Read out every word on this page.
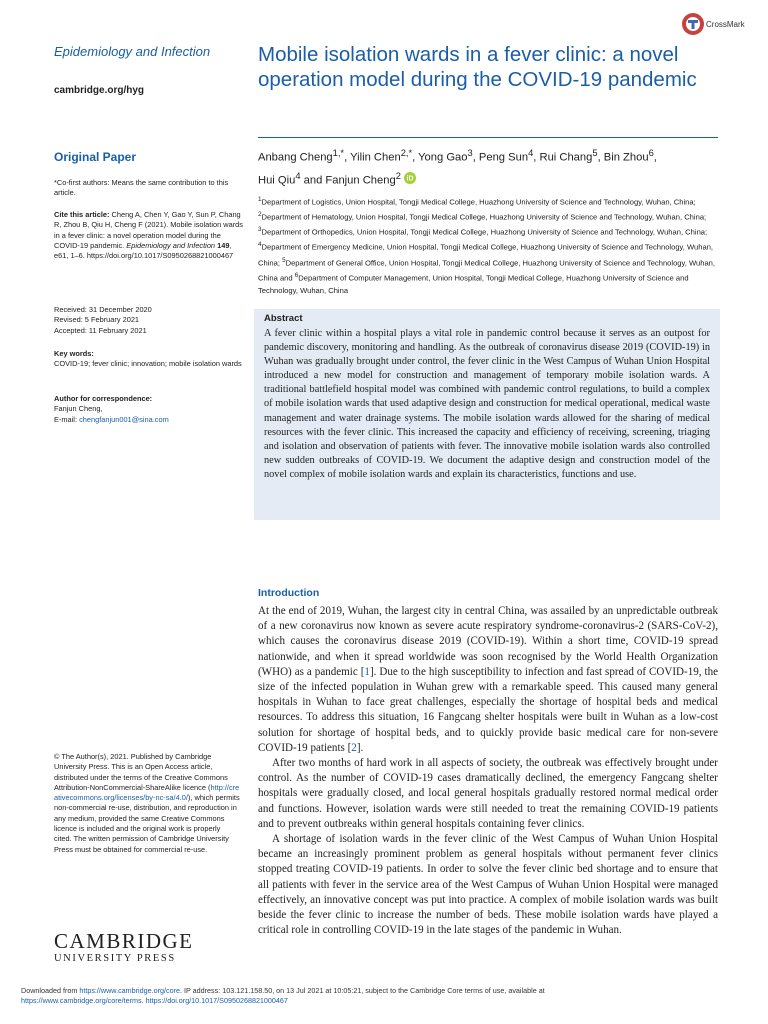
Epidemiology and Infection
cambridge.org/hyg
CrossMark
Mobile isolation wards in a fever clinic: a novel operation model during the COVID-19 pandemic
Anbang Cheng$^{1,*}$, Yilin Chen$^{2,*}$, Yong Gao$^3$, Peng Sun$^4$, Rui Chang$^5$, Bin Zhou$^6$,
Hui Qiu$^4$ and Fanjun Cheng$^2$ iD
$^1$Department of Logistics, Union Hospital, Tongji Medical College, Huazhong University of Science and Technology, Wuhan, China; $^2$Department of Hematology, Union Hospital, Tongji Medical College, Huazhong University of Science and Technology, Wuhan, China; $^3$Department of Orthopedics, Union Hospital, Tongji Medical College, Huazhong University of Science and Technology, Wuhan, China; $^4$Department of Emergency Medicine, Union Hospital, Tongji Medical College, Huazhong University of Science and Technology, Wuhan, China; $^5$Department of General Office, Union Hospital, Tongji Medical College, Huazhong University of Science and Technology, Wuhan, China and $^6$Department of Computer Management, Union Hospital, Tongji Medical College, Huazhong University of Science and Technology, Wuhan, China
Abstract
A fever clinic within a hospital plays a vital role in pandemic control because it serves as an outpost for pandemic discovery, monitoring and handling. As the outbreak of coronavirus disease 2019 (COVID-19) in Wuhan was gradually brought under control, the fever clinic in the West Campus of Wuhan Union Hospital introduced a new model for construction and management of temporary mobile isolation wards. A traditional battlefield hospital model was combined with pandemic control regulations, to build a complex of mobile isolation wards that used adaptive design and construction for medical operational, medical waste management and water drainage systems. The mobile isolation wards allowed for the sharing of medical resources with the fever clinic. This increased the capacity and efficiency of receiving, screening, triaging and isolation and observation of patients with fever. The innovative mobile isolation wards also controlled new sudden outbreaks of COVID-19. We document the adaptive design and construction model of the novel complex of mobile isolation wards and explain its characteristics, functions and use.
Original Paper
*Co-first authors: Means the same contribution to this article.
Cite this article: Cheng A, Chen Y, Gao Y, Sun P, Chang R, Zhou B, Qiu H, Cheng F (2021). Mobile isolation wards in a fever clinic: a novel operation model during the COVID-19 pandemic. Epidemiology and Infection 149, e61, 1–6. https://doi.org/10.1017/S0950268821000467
Received: 31 December 2020
Revised: 5 February 2021
Accepted: 11 February 2021
Key words:
COVID-19; fever clinic; innovation; mobile isolation wards
Author for correspondence:
Fanjun Cheng,
E-mail: chengfanjun001@sina.com
© The Author(s), 2021. Published by Cambridge University Press. This is an Open Access article, distributed under the terms of the Creative Commons Attribution-NonCommercial-ShareAlike licence (http://creativecommons.org/licenses/by-nc-sa/4.0/), which permits non-commercial re-use, distribution, and reproduction in any medium, provided the same Creative Commons licence is included and the original work is properly cited. The written permission of Cambridge University Press must be obtained for commercial re-use.
CAMBRIDGE
UNIVERSITY PRESS
Introduction

At the end of 2019, Wuhan, the largest city in central China, was assailed by an unpredictable outbreak of a new coronavirus now known as severe acute respiratory syndrome-coronavirus-2 (SARS-CoV-2), which causes the coronavirus disease 2019 (COVID-19). Within a short time, COVID-19 spread nationwide, and when it spread worldwide was soon recognised by the World Health Organization (WHO) as a pandemic [1]. Due to the high susceptibility to infection and fast spread of COVID-19, the size of the infected population in Wuhan grew with a remarkable speed. This caused many general hospitals in Wuhan to face great challenges, especially the shortage of hospital beds and medical resources. To address this situation, 16 Fangcang shelter hospitals were built in Wuhan as a low-cost solution for shortage of hospital beds, and to quickly provide basic medical care for non-severe COVID-19 patients [2].

After two months of hard work in all aspects of society, the outbreak was effectively brought under control. As the number of COVID-19 cases dramatically declined, the emergency Fangcang shelter hospitals were gradually closed, and local general hospitals gradually restored normal medical order and functions. However, isolation wards were still needed to treat the remaining COVID-19 patients and to prevent outbreaks within general hospitals containing fever clinics.

A shortage of isolation wards in the fever clinic of the West Campus of Wuhan Union Hospital became an increasingly prominent problem as general hospitals without permanent fever clinics stopped treating COVID-19 patients. In order to solve the fever clinic bed shortage and to ensure that all patients with fever in the service area of the West Campus of Wuhan Union Hospital were managed effectively, an innovative concept was put into practice. A complex of mobile isolation wards was built beside the fever clinic to increase the number of beds. These mobile isolation wards have played a critical role in controlling COVID-19 in the late stages of the pandemic in Wuhan.

Downloaded from https://www.cambridge.org/core. IP address: 103.121.158.50, on 13 Jul 2021 at 10:05:21, subject to the Cambridge Core terms of use, available at
https://www.cambridge.org/core/terms. https://doi.org/10.1017/S0950268821000467
